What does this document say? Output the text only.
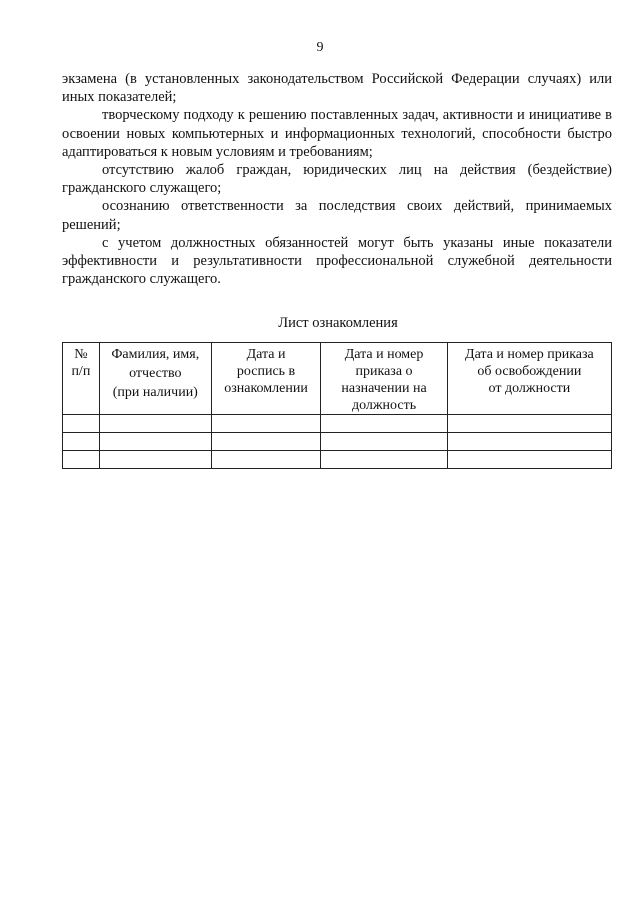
9

экзамена (в установленных законодательством Российской Федерации случаях) или иных показателей;

творческому подходу к решению поставленных задач, активности и инициативе в освоении новых компьютерных и информационных технологий, способности быстро адаптироваться к новым условиям и требованиям;

отсутствию жалоб граждан, юридических лиц на действия (бездействие) гражданского служащего;

осознанию ответственности за последствия своих действий, принимаемых решений;

с учетом должностных обязанностей могут быть указаны иные показатели эффективности и результативности профессиональной служебной деятельности гражданского служащего.

Лист ознакомления
№
п/п	Фамилия, имя,
отчество
(при наличии)	Дата и
роспись в
ознакомлении	Дата и номер
приказа о
назначении на
должность	Дата и номер приказа
об освобождении
от должности
